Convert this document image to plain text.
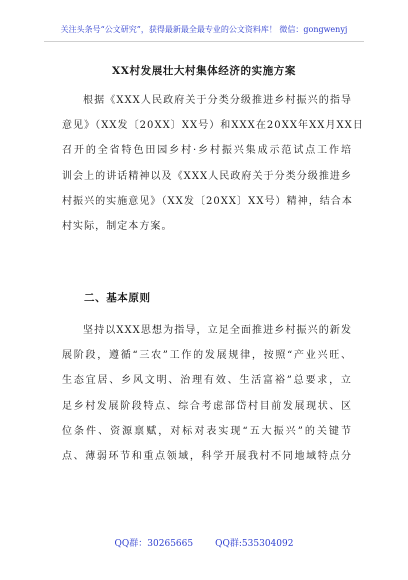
关注头条号“公文研究”，获得最新最全最专业的公文资料库！ 微信：gongwenyj
XX村发展壮大村集体经济的实施方案
根据《XXX人民政府关于分类分级推进乡村振兴的指导
意见》（XX发〔20XX〕XX号）和XXX在20XX年XX月XX日
召开的全省特色田园乡村·乡村振兴集成示范试点工作培
训会上的讲话精神以及《XXX人民政府关于分类分级推进乡
村振兴的实施意见》（XX发〔20XX〕XX号）精神，结合本
村实际，制定本方案。
二、基本原则
坚持以XXX思想为指导，立足全面推进乡村振兴的新发
展阶段，遵循“三农”工作的发展规律，按照“产业兴旺、
生态宜居、乡风文明、治理有效、生活富裕”总要求，立
足乡村发展阶段特点、综合考虑部岱村目前发展现状、区
位条件、资源禀赋，对标对表实现“五大振兴”的关键节
点、薄弱环节和重点领域，科学开展我村不同地域特点分
QQ群：30265665 QQ群:535304092
